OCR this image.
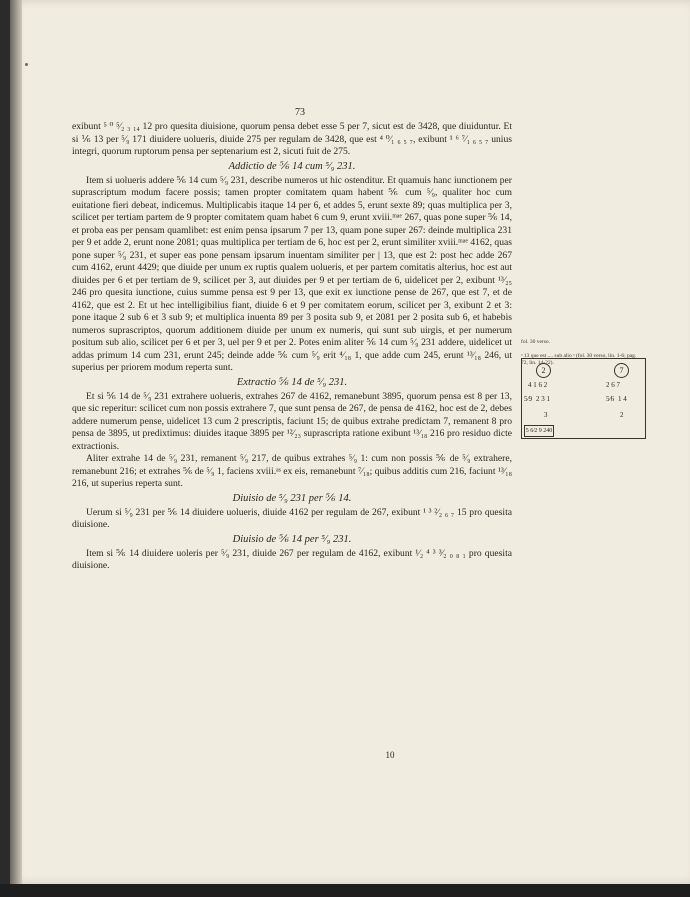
73

exibunt ⁵ ⁰ ⁵⁄₂ ₃ ₁₄ 12 pro quesita diuisione, quorum pensa debet esse 5 per 7, sicut est de 3428, que diuiduntur. Et si ⅙ 13 per ⁵⁄₉ 171 diuidere uolueris, diuide 275 per regulam de 3428, que est ⁴ ⁰⁄₁ ₆ ₅ ₇, exibunt ¹ ⁶ ⁷⁄₁ ₆ ₅ ₇ unius integri, quorum ruptorum pensa per septenarium est 2, sicuti fuit de 275.

Addictio de ⅚ 14 cum ⁵⁄₉ 231.

Item si uolueris addere ⅚ 14 cum ⁵⁄₉ 231, describe numeros ut hic ostenditur. Et quamuis hanc iunctionem per suprascriptum modum facere possis; tamen propter comitatem quam habent ⅚ cum ⁵⁄₉, qualiter hoc cum euitatione fieri debeat, indicemus. Multiplicabis itaque 14 per 6, et addes 5, erunt sexte 89; quas multiplica per 3, scilicet per tertiam partem de 9 propter comitatem quam habet 6 cum 9, erunt xviii.ᵐᵃᵉ 267, quas pone super ⅚ 14, et proba eas per pensam quamlibet: est enim pensa ipsarum 7 per 13, quam pone super 267: deinde multiplica 231 per 9 et adde 2, erunt none 2081; quas multiplica per tertiam de 6, hoc est per 2, erunt similiter xviii.ᵐᵃᵉ 4162, quas pone super ⁵⁄₉ 231, et super eas pone pensam ipsarum inuentam similiter per | 13, que est 2: post hec adde 267 cum 4162, erunt 4429; que diuide per unum ex ruptis qualem uolueris, et per partem comitatis alterius, hoc est aut diuides per 6 et per tertiam de 9, scilicet per 3, aut diuides per 9 et per tertiam de 6, uidelicet per 2, exibunt ¹³⁄₂₅ 246 pro quesita iunctione, cuius summe pensa est 9 per 13, que exit ex iunctione pense de 267, que est 7, et de 4162, que est 2. Et ut hec intelligibilius fiant, diuide 6 et 9 per comitatem eorum, scilicet per 3, exibunt 2 et 3: pone itaque 2 sub 6 et 3 sub 9; et multiplica inuenta 89 per 3 posita sub 9, et 2081 per 2 posita sub 6, et habebis numeros suprascriptos, quorum additionem diuide per unum ex numeris, qui sunt sub uirgis, et per numerum positum sub alio, scilicet per 6 et per 3, uel per 9 et per 2. Potes enim aliter ⅚ 14 cum ⁵⁄₉ 231 addere, uidelicet ut addas primum 14 cum 231, erunt 245; deinde adde ⅚ cum ⁵⁄₉ erit ⁴⁄₁₈ 1, que adde cum 245, erunt ¹³⁄₁₈ 246, ut superius per priorem modum reperta sunt.

Extractio ⅚ 14 de ⁵⁄₉ 231.

Et si ⅚ 14 de ⁵⁄₉ 231 extrahere uolueris, extrahes 267 de 4162, remanebunt 3895, quorum pensa est 8 per 13, que sic reperitur: scilicet cum non possis extrahere 7, que sunt pensa de 267, de pensa de 4162, hoc est de 2, debes addere numerum pense, uidelicet 13 cum 2 prescriptis, faciunt 15; de quibus extrahe predictam 7, remanent 8 pro pensa de 3895, ut predixtimus: diuides itaque 3895 per ¹²⁄₂₃ suprascripta ratione exibunt ¹³⁄₁₈ 216 pro residuo dicte extractionis.

Aliter extrahe 14 de ⁵⁄₉ 231, remanent ⁵⁄₉ 217, de quibus extrahes ⁵⁄₉ 1: cum non possis ⅚ de ⁵⁄₉ extrahere, remanebunt 216; et extrahes ⅚ de ⁵⁄₉ 1, faciens xviii.ᵃˢ ex eis, remanebunt ⁷⁄₁₈; quibus additis cum 216, faciunt ¹³⁄₁₈ 216, ut superius reperta sunt.

Diuisio de ⁵⁄₉ 231 per ⅚ 14.

Uerum si ⁵⁄₉ 231 per ⅚ 14 diuidere uolueris, diuide 4162 per regulam de 267, exibunt ¹ ³ ²⁄₂ ₆ ₇ 15 pro quesita diuisione.

Diuisio de ⅚ 14 per ⁵⁄₉ 231.

Item si ⅚ 14 diuidere uoleris per ⁵⁄₉ 231, diuide 267 per regulam de 4162, exibunt ¹⁄₂ ⁴ ³ ³⁄₂ ₀ ₈ ₁ pro quesita diuisione.

fol. 30 verso.
ᵃ 13 que est .... sub alio ᵃ (fol. 30 verso, lin. 1-6; pag. 72, lin. 14-22).
2	7
4 1 6 2	2 6 7
5⁄9 2 3 1	5⁄6 1 4
3	2
5 6⁄2 9 240
10
